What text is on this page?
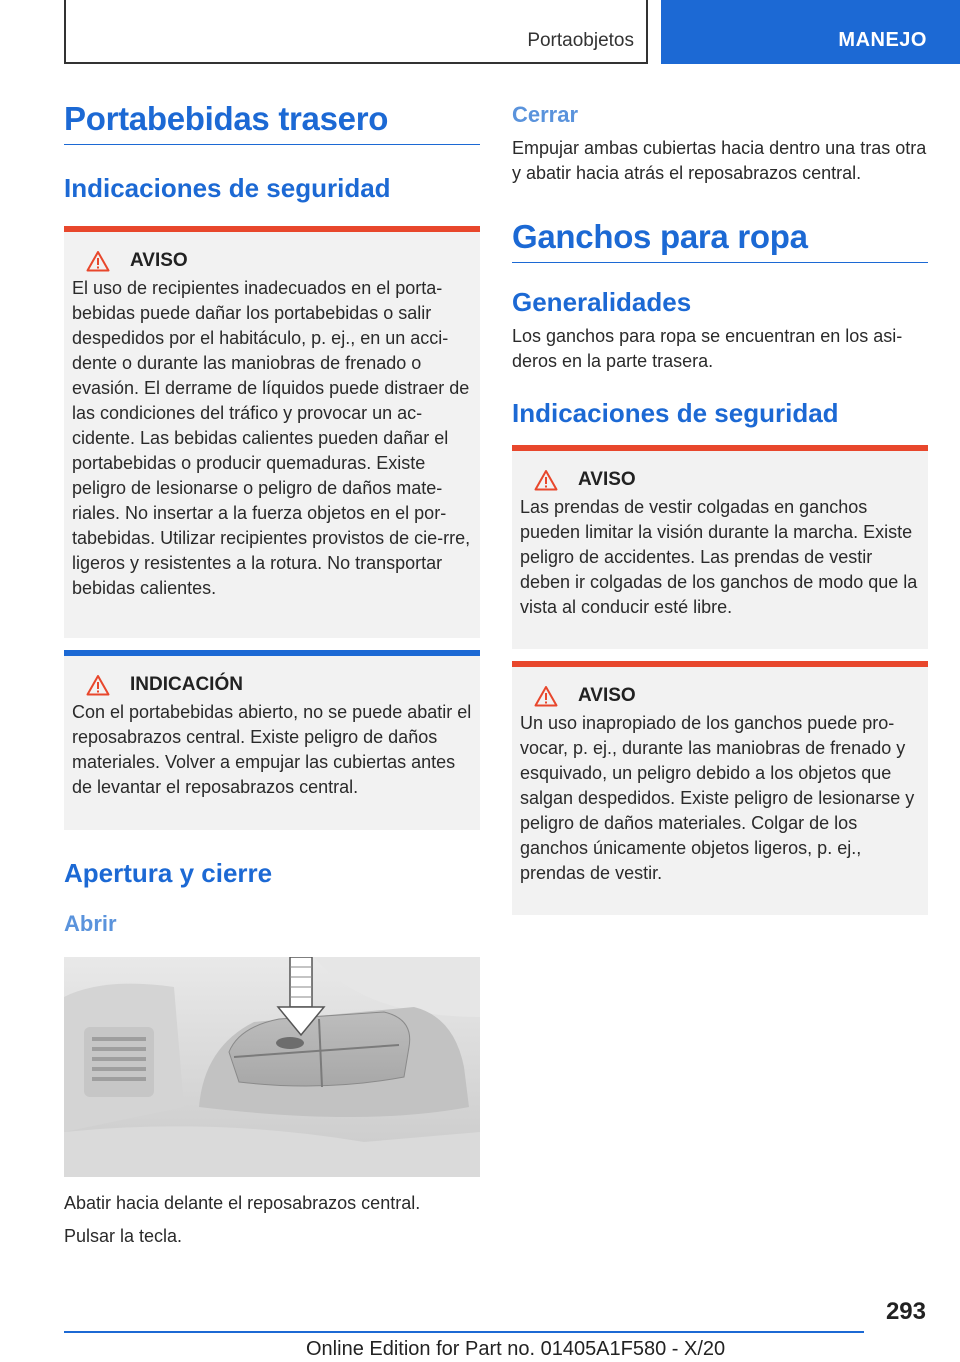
Portaobjetos	MANEJO
Portabebidas trasero
Indicaciones de seguridad
AVISO

El uso de recipientes inadecuados en el porta-bebidas puede dañar los portabebidas o salir despedidos por el habitáculo, p. ej., en un acci-dente o durante las maniobras de frenado o evasión. El derrame de líquidos puede distraer de las condiciones del tráfico y provocar un ac-cidente. Las bebidas calientes pueden dañar el portabebidas o producir quemaduras. Existe peligro de lesionarse o peligro de daños mate-riales. No insertar a la fuerza objetos en el por-tabebidas. Utilizar recipientes provistos de cie-rre, ligeros y resistentes a la rotura. No transportar bebidas calientes.

INDICACIÓN

Con el portabebidas abierto, no se puede abatir el reposabrazos central. Existe peligro de daños materiales. Volver a empujar las cubiertas antes de levantar el reposabrazos central.

Apertura y cierre
Abrir

Abatir hacia delante el reposabrazos central.

Pulsar la tecla.

Cerrar

Empujar ambas cubiertas hacia dentro una tras otra y abatir hacia atrás el reposabrazos central.

Ganchos para ropa
Generalidades

Los ganchos para ropa se encuentran en los asi-deros en la parte trasera.

Indicaciones de seguridad
AVISO

Las prendas de vestir colgadas en ganchos pueden limitar la visión durante la marcha. Existe peligro de accidentes. Las prendas de vestir deben ir colgadas de los ganchos de modo que la vista al conducir esté libre.

AVISO

Un uso inapropiado de los ganchos puede pro-vocar, p. ej., durante las maniobras de frenado y esquivado, un peligro debido a los objetos que salgan despedidos. Existe peligro de lesionarse y peligro de daños materiales. Colgar de los ganchos únicamente objetos ligeros, p. ej., prendas de vestir.

293
Online Edition for Part no. 01405A1F580 - X/20
